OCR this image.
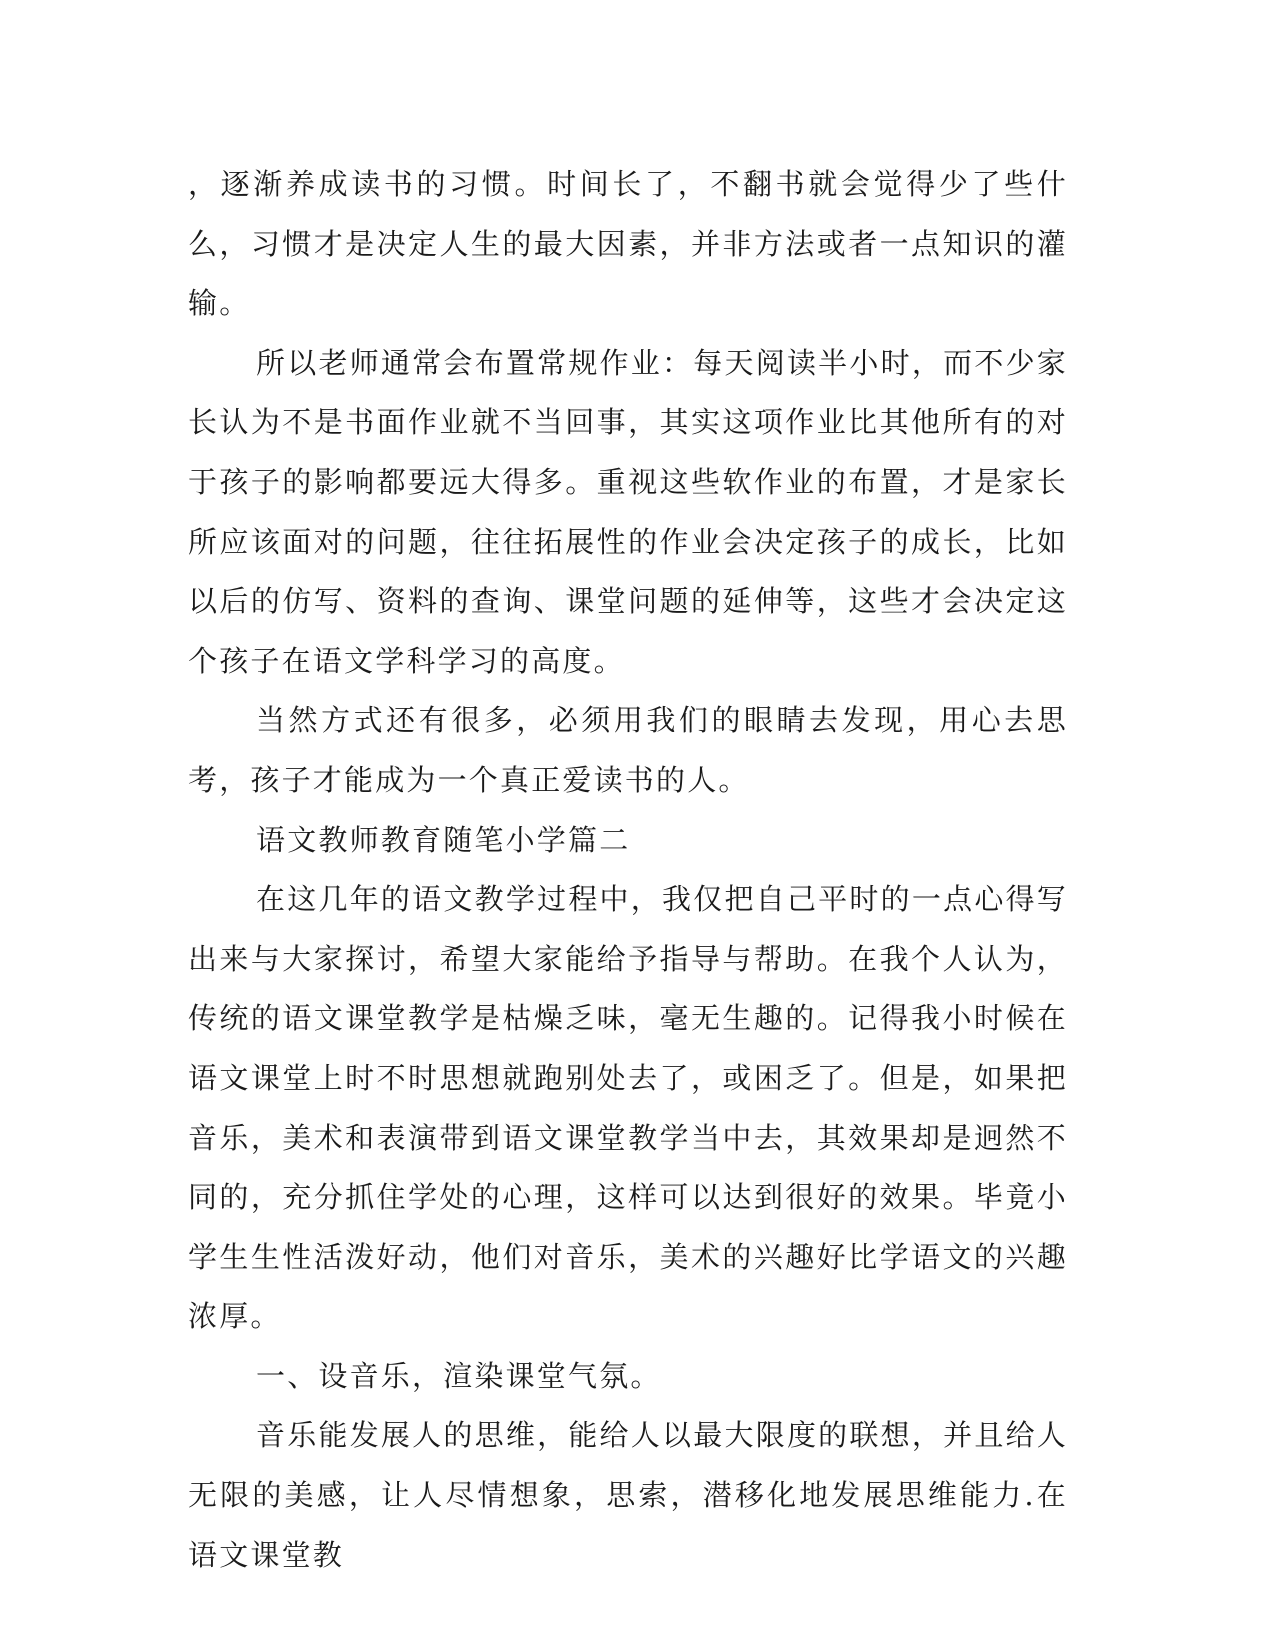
，逐渐养成读书的习惯。时间长了，不翻书就会觉得少了些什么，习惯才是决定人生的最大因素，并非方法或者一点知识的灌输。

所以老师通常会布置常规作业：每天阅读半小时，而不少家长认为不是书面作业就不当回事，其实这项作业比其他所有的对于孩子的影响都要远大得多。重视这些软作业的布置，才是家长所应该面对的问题，往往拓展性的作业会决定孩子的成长，比如以后的仿写、资料的查询、课堂问题的延伸等，这些才会决定这个孩子在语文学科学习的高度。

当然方式还有很多，必须用我们的眼睛去发现，用心去思考，孩子才能成为一个真正爱读书的人。

语文教师教育随笔小学篇二

在这几年的语文教学过程中，我仅把自己平时的一点心得写出来与大家探讨，希望大家能给予指导与帮助。在我个人认为，传统的语文课堂教学是枯燥乏味，毫无生趣的。记得我小时候在语文课堂上时不时思想就跑别处去了，或困乏了。但是，如果把音乐，美术和表演带到语文课堂教学当中去，其效果却是迥然不同的，充分抓住学处的心理，这样可以达到很好的效果。毕竟小学生生性活泼好动，他们对音乐，美术的兴趣好比学语文的兴趣浓厚。

一、设音乐，渲染课堂气氛。

音乐能发展人的思维，能给人以最大限度的联想，并且给人无限的美感，让人尽情想象，思索，潜移化地发展思维能力.在语文课堂教
